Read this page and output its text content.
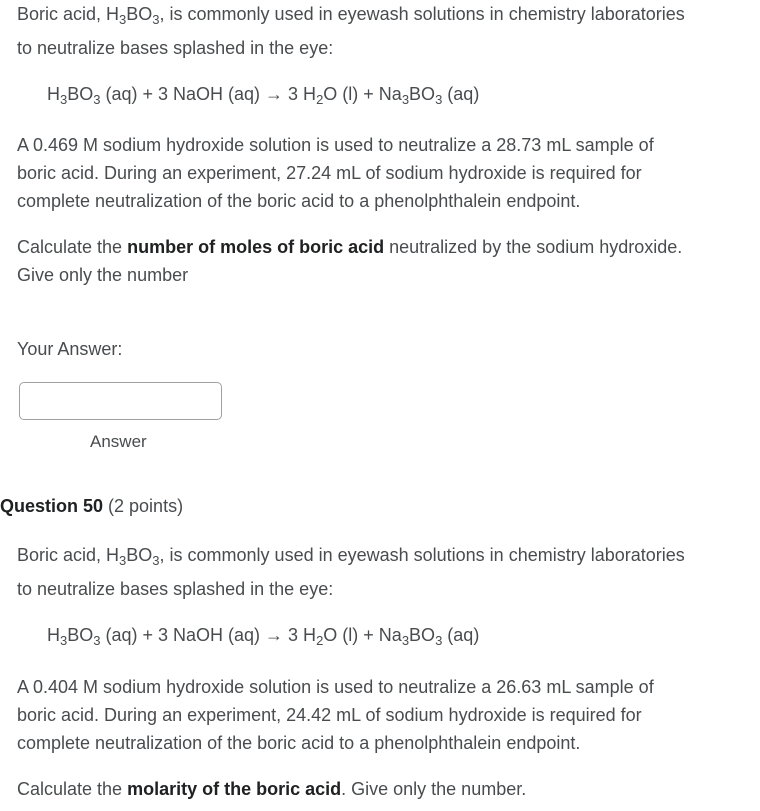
Boric acid, $H_3BO_3$, is commonly used in eyewash solutions in chemistry laboratories
to neutralize bases splashed in the eye:
$H_3BO_3$ (aq) + 3 NaOH (aq) → 3 $H_2O$ $(l) + Na_3BO_3$ (aq)
A 0.469 M sodium hydroxide solution is used to neutralize a 28.73 mL sample of
boric acid. During an experiment, 27.24 mL of sodium hydroxide is required for
complete neutralization of the boric acid to a phenolphthalein endpoint.
Calculate the number of moles of boric acid neutralized by the sodium hydroxide.
Give only the number
Your Answer:
Answer
Question 50 (2 points)
Boric acid, $H_3BO_3$, is commonly used in eyewash solutions in chemistry laboratories
to neutralize bases splashed in the eye:
$H_3BO_3$ (aq) + 3 NaOH (aq) → 3 $H_2O$ $(l) + Na_3BO_3$ (aq)
A 0.404 M sodium hydroxide solution is used to neutralize a 26.63 mL sample of
boric acid. During an experiment, 24.42 mL of sodium hydroxide is required for
complete neutralization of the boric acid to a phenolphthalein endpoint.
Calculate the molarity of the boric acid. Give only the number.
